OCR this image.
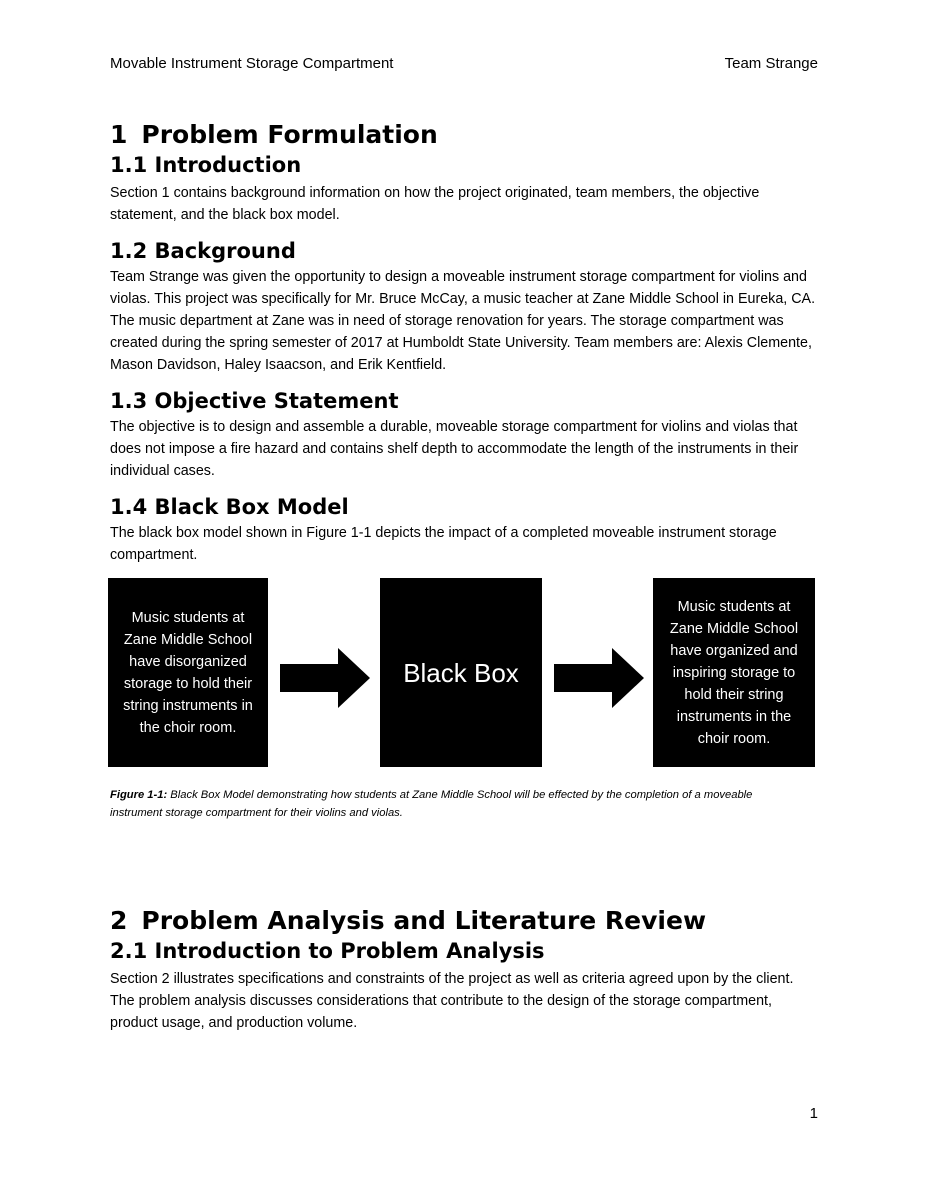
Movable Instrument Storage Compartment	Team Strange
1 Problem Formulation
1.1 Introduction

Section 1 contains background information on how the project originated, team members, the objective statement, and the black box model.

1.2 Background

Team Strange was given the opportunity to design a moveable instrument storage compartment for violins and violas. This project was specifically for Mr. Bruce McCay, a music teacher at Zane Middle School in Eureka, CA. The music department at Zane was in need of storage renovation for years. The storage compartment was created during the spring semester of 2017 at Humboldt State University. Team members are: Alexis Clemente, Mason Davidson, Haley Isaacson, and Erik Kentfield.

1.3 Objective Statement

The objective is to design and assemble a durable, moveable storage compartment for violins and violas that does not impose a fire hazard and contains shelf depth to accommodate the length of the instruments in their individual cases.

1.4 Black Box Model

The black box model shown in Figure 1-1 depicts the impact of a completed moveable instrument storage compartment.

Music students at Zane Middle School have disorganized storage to hold their string instruments in the choir room.
Black Box
Music students at Zane Middle School have organized and inspiring storage to hold their string instruments in the choir room.
Figure 1-1: Black Box Model demonstrating how students at Zane Middle School will be effected by the completion of a moveable instrument storage compartment for their violins and violas.
2 Problem Analysis and Literature Review
2.1 Introduction to Problem Analysis

Section 2 illustrates specifications and constraints of the project as well as criteria agreed upon by the client. The problem analysis discusses considerations that contribute to the design of the storage compartment, product usage, and production volume.

1
